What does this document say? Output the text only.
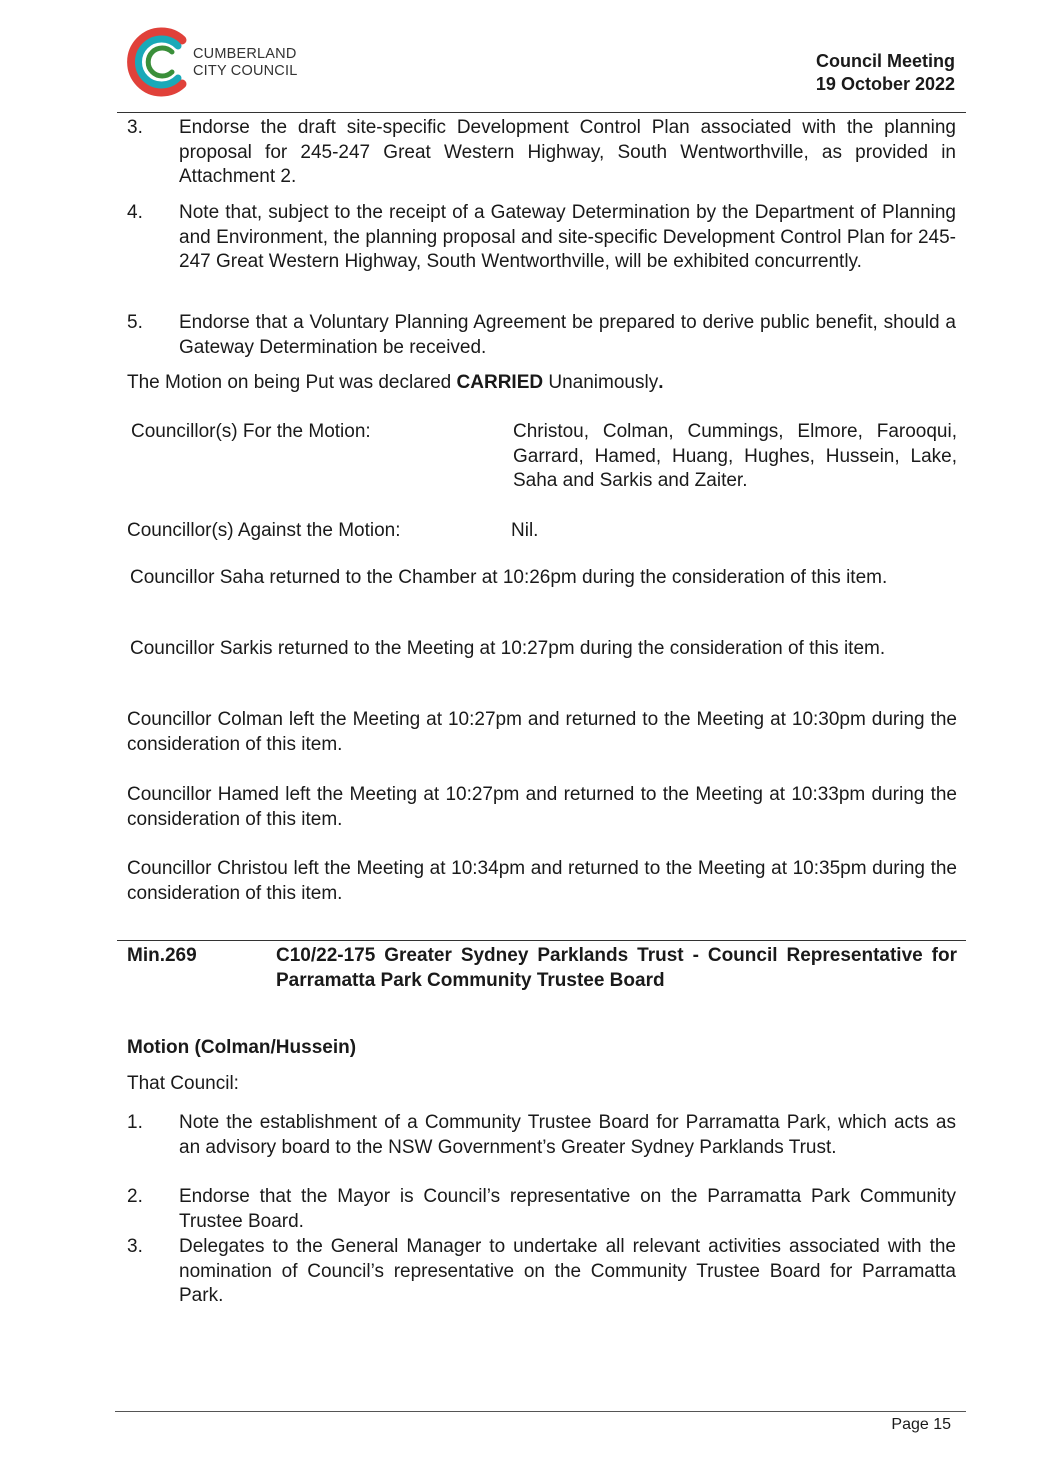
CUMBERLAND
CITY COUNCIL	Council Meeting
19 October 2022
3.	Endorse the draft site-specific Development Control Plan associated with the planning proposal for 245-247 Great Western Highway, South Wentworthville, as provided in Attachment 2.
4.	Note that, subject to the receipt of a Gateway Determination by the Department of Planning and Environment, the planning proposal and site-specific Development Control Plan for 245-247 Great Western Highway, South Wentworthville, will be exhibited concurrently.
5.	Endorse that a Voluntary Planning Agreement be prepared to derive public benefit, should a Gateway Determination be received.
The Motion on being Put was declared CARRIED Unanimously.
Councillor(s) For the Motion:	Christou, Colman, Cummings, Elmore, Farooqui, Garrard, Hamed, Huang, Hughes, Hussein, Lake, Saha and Sarkis and Zaiter.
Councillor(s) Against the Motion:	Nil.
Councillor Saha returned to the Chamber at 10:26pm during the consideration of this item.
Councillor Sarkis returned to the Meeting at 10:27pm during the consideration of this item.
Councillor Colman left the Meeting at 10:27pm and returned to the Meeting at 10:30pm during the consideration of this item.
Councillor Hamed left the Meeting at 10:27pm and returned to the Meeting at 10:33pm during the consideration of this item.
Councillor Christou left the Meeting at 10:34pm and returned to the Meeting at 10:35pm during the consideration of this item.
Min.269	C10/22-175 Greater Sydney Parklands Trust - Council Representative for Parramatta Park Community Trustee Board
Motion (Colman/Hussein)
That Council:
1.	Note the establishment of a Community Trustee Board for Parramatta Park, which acts as an advisory board to the NSW Government’s Greater Sydney Parklands Trust.
2.	Endorse that the Mayor is Council’s representative on the Parramatta Park Community Trustee Board.
3.	Delegates to the General Manager to undertake all relevant activities associated with the nomination of Council’s representative on the Community Trustee Board for Parramatta Park.
Page 15
